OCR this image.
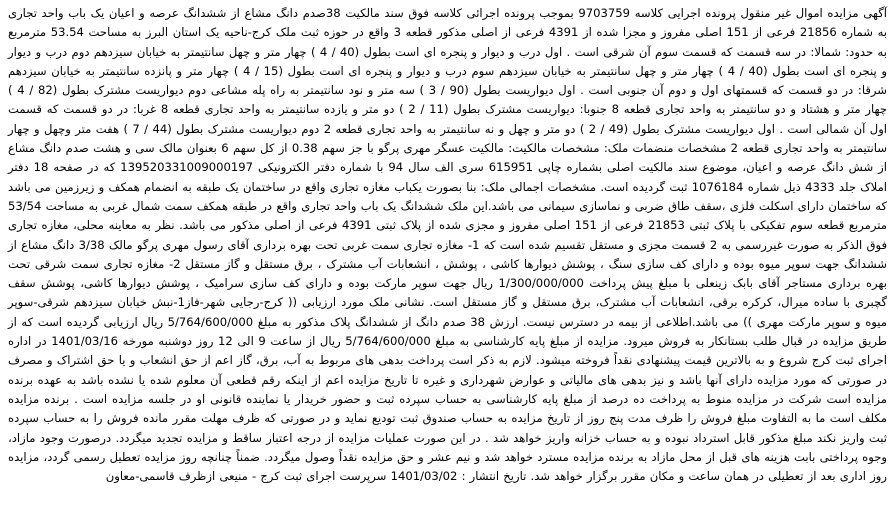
آگهی مزایده اموال غیر منقول پرونده اجرایی کلاسه 9703759 بموجب پرونده اجرائی کلاسه فوق سند مالکیت 38صدم دانگ مشاع از ششدانگ عرصه و اعیان یک باب واحد تجاری به شماره 21856 فرعی از 151 اصلی مفروز و مجزا شده از 4391 فرعی از اصلی مذکور قطعه 3 واقع در حوزه ثبت ملک کرج-ناحیه یک استان البرز به مساحت 53.54 مترمربع به حدود: شمالا: در سه قسمت که قسمت سوم آن شرقی است . اول درب و دیوار و پنجره ای است بطول (40 / 4 ) چهار متر و چهل سانتیمتر به خیابان سیزدهم دوم درب و دیوار و پنجره ای است بطول (40 / 4 ) چهار متر و چهل سانتیمتر به خیابان سیزدهم سوم درب و دیوار و پنجره ای است بطول (15 / 4 ) چهار متر و پانزده سانتیمتر به خیابان سیزدهم شرقا: در دو قسمت که قسمتهای اول و دوم آن جنوبی است . اول دیواریست بطول (90 / 3 ) سه متر و نود سانتیمتر به راه پله مشاعی دوم دیواریست مشترک بطول (82 / 4 ) چهار متر و هشتاد و دو سانتیمتر به واحد تجاری قطعه 8 جنوبا: دیواریست مشترک بطول (11 / 2 ) دو متر و یازده سانتیمتر به واحد تجاری قطعه 8 غربا: در دو قسمت که قسمت اول آن شمالی است . اول دیواریست مشترک بطول (49 / 2 ) دو متر و چهل و نه سانتیمتر به واحد تجاری قطعه 2 دوم دیواریست مشترک بطول (44 / 7 ) هفت متر وچهل و چهار سانتیمتر به واحد تجاری قطعه 2 مشخصات منضمات ملک: مشخصات مالکیت: مالکیت عسگر مهری پرگو با جز سهم 0.38 از کل سهم 6 بعنوان مالک سی و هشت صدم دانگ مشاع از شش دانگ عرصه و اعیان، موضوع سند مالکیت اصلی بشماره چاپی 615951 سری الف سال 94 با شماره دفتر الکترونیکی 139520331009000197 که در صفحه 18 دفتر املاک جلد 4333 ذیل شماره 1076184 ثبت گردیده است. مشخصات اجمالی ملک: بنا بصورت یکباب مغازه تجاری واقع در ساختمان یک طبقه به انضمام همکف و زیرزمین می باشد که ساختمان دارای اسکلت فلزی ،سقف طاق ضربی و نماسازی سیمانی می باشد.این ملک ششدانگ یک باب واحد تجاری واقع در طبقه همکف سمت شمال غربی به مساحت 53/54 مترمربع قطعه سوم تفکیکی با پلاک ثبتی 21853 فرعی از 151 اصلی مفروز و مجزی شده از پلاک ثبتی 4391 فرعی از اصلی مذکور می باشد. نظر به معاینه محلی، مغازه تجاری فوق الذکر به صورت غیررسمی به 2 قسمت مجزی و مستقل تقسیم شده است که 1- مغازه تجاری سمت غربی تحت بهره برداری آقای رسول مهری پرگو مالک 3/38 دانگ مشاع از ششدانگ جهت سوپر میوه بوده و دارای کف سازی سنگ ، پوشش دیوارها کاشی ، پوشش ، انشعابات آب مشترک ، برق مستقل و گاز مستقل 2- مغازه تجاری سمت شرقی تحت بهره برداری مستاجر آقای بابک زینعلی با مبلغ پیش پرداخت 1/300/000/000 ریال جهت سوپر مارکت بوده و دارای کف سازی سرامیک ، پوشش دیوارها کاشی، پوشش سقف گچبری با ساده میرال، کرکره برقی، انشعابات آب مشترک، برق مستقل و گاز مستقل است. نشانی ملک مورد ارزیابی (( کرج-رجایی شهر-فاز1-نبش خیابان سیزدهم شرقی-سوپر میوه و سوپر مارکت مهری )) می باشد.اطلاعی از بیمه در دسترس نیست. ارزش 38 صدم دانگ از ششدانگ پلاک مذکور به مبلغ 5/764/600/000 ریال ارزیابی گردیده است که از طریق مزایده در قبال طلب بستانکار به فروش میرود. مزایده از مبلغ پایه کارشناسی به مبلغ 5/764/600/000 ریال از ساعت 9 الی 12 روز دوشنبه مورخه 1401/03/16 در اداره اجرای ثبت کرج شروع و به بالاترین قیمت پیشنهادی نقداً فروخته میشود. لازم به ذکر است پرداخت بدهی های مربوط به آب، برق، گاز اعم از حق انشعاب و یا حق اشتراک و مصرف در صورتی که مورد مزایده دارای آنها باشد و نیز بدهی های مالیاتی و عوارض شهرداری و غیره تا تاریخ مزایده اعم از اینکه رقم قطعی آن معلوم شده یا نشده باشد به عهده برنده مزایده است شرکت در مزایده منوط به پرداخت ده درصد از مبلغ پایه کارشناسی به حساب سپرده ثبت و حضور خریدار یا نماینده قانونی او در جلسه مزایده است . برنده مزایده مکلف است ما به التفاوت مبلغ فروش را ظرف مدت پنج روز از تاریخ مزایده به حساب صندوق ثبت تودیع نماید و در صورتی که ظرف مهلت مقرر مانده فروش را به حساب سپرده ثبت واریز نکند مبلغ مذکور قابل استرداد نبوده و به حساب خزانه واریز خواهد شد . در این صورت عملیات مزایده از درجه اعتبار ساقط و مزایده تجدید میگردد. درصورت وجود مازاد، وجوه پرداختی بابت هزینه های قبل از محل مازاد به برنده مزایده مسترد خواهد شد و نیم عشر و حق مزایده نقداً وصول میگردد. ضمناً چنانچه روز مزایده تعطیل رسمی گردد، مزایده روز اداری بعد از تعطیلی در همان ساعت و مکان مقرر برگزار خواهد شد. تاریخ انتشار : 1401/03/02 سرپرست اجرای ثبت کرج - منیعی ازظرف قاسمی-معاون
